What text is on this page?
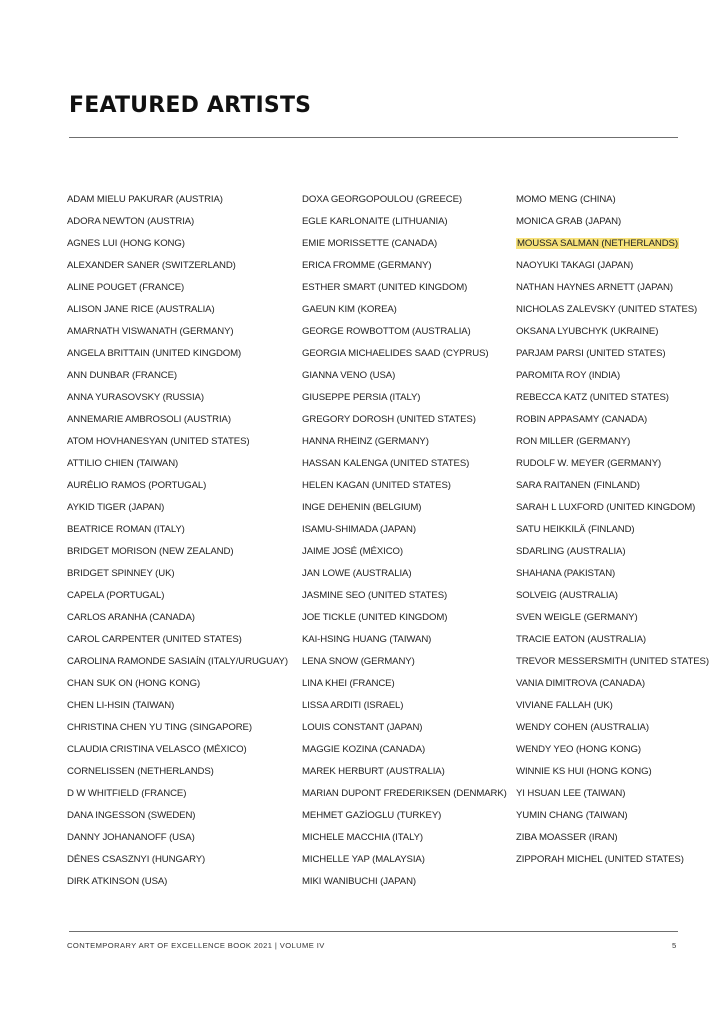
FEATURED ARTISTS
ADAM MIELU PAKURAR (AUSTRIA)
ADORA NEWTON (AUSTRIA)
AGNES LUI (HONG KONG)
ALEXANDER SANER (SWITZERLAND)
ALINE POUGET (FRANCE)
ALISON JANE RICE (AUSTRALIA)
AMARNATH VISWANATH (GERMANY)
ANGELA BRITTAIN (UNITED KINGDOM)
ANN DUNBAR (FRANCE)
ANNA YURASOVSKY (RUSSIA)
ANNEMARIE AMBROSOLI (AUSTRIA)
ATOM HOVHANESYAN (UNITED STATES)
ATTILIO CHIEN (TAIWAN)
AURÉLIO RAMOS (PORTUGAL)
AYKID TIGER (JAPAN)
BEATRICE ROMAN (ITALY)
BRIDGET MORISON (NEW ZEALAND)
BRIDGET SPINNEY (UK)
CAPELA (PORTUGAL)
CARLOS ARANHA (CANADA)
CAROL CARPENTER (UNITED STATES)
CAROLINA RAMONDE SASIAÍN (ITALY/URUGUAY)
CHAN SUK ON (HONG KONG)
CHEN LI-HSIN (TAIWAN)
CHRISTINA CHEN YU TING (SINGAPORE)
CLAUDIA CRISTINA VELASCO (MÉXICO)
CORNELISSEN (NETHERLANDS)
D W WHITFIELD (FRANCE)
DANA INGESSON (SWEDEN)
DANNY JOHANANOFF (USA)
DÉNES CSASZNYI (HUNGARY)
DIRK ATKINSON (USA)
DOXA GEORGOPOULOU (GREECE)
EGLE KARLONAITE (LITHUANIA)
EMIE MORISSETTE (CANADA)
ERICA FROMME (GERMANY)
ESTHER SMART (UNITED KINGDOM)
GAEUN KIM (KOREA)
GEORGE ROWBOTTOM (AUSTRALIA)
GEORGIA MICHAELIDES SAAD (CYPRUS)
GIANNA VENO (USA)
GIUSEPPE PERSIA (ITALY)
GREGORY DOROSH (UNITED STATES)
HANNA RHEINZ (GERMANY)
HASSAN KALENGA (UNITED STATES)
HELEN KAGAN (UNITED STATES)
INGE DEHENIN (BELGIUM)
ISAMU-SHIMADA (JAPAN)
JAIME JOSÉ (MÉXICO)
JAN LOWE (AUSTRALIA)
JASMINE SEO (UNITED STATES)
JOE TICKLE (UNITED KINGDOM)
KAI-HSING HUANG (TAIWAN)
LENA SNOW (GERMANY)
LINA KHEI (FRANCE)
LISSA ARDITI (ISRAEL)
LOUIS CONSTANT (JAPAN)
MAGGIE KOZINA (CANADA)
MAREK HERBURT (AUSTRALIA)
MARIAN DUPONT FREDERIKSEN (DENMARK)
MEHMET GAZİOGLU (TURKEY)
MICHELE MACCHIA (ITALY)
MICHELLE YAP (MALAYSIA)
MIKI WANIBUCHI (JAPAN)
MOMO MENG (CHINA)
MONICA GRAB (JAPAN)
MOUSSA SALMAN (NETHERLANDS)
NAOYUKI TAKAGI (JAPAN)
NATHAN HAYNES ARNETT (JAPAN)
NICHOLAS ZALEVSKY (UNITED STATES)
OKSANA LYUBCHYK (UKRAINE)
PARJAM PARSI (UNITED STATES)
PAROMITA ROY (INDIA)
REBECCA KATZ (UNITED STATES)
ROBIN APPASAMY (CANADA)
RON MILLER (GERMANY)
RUDOLF W. MEYER (GERMANY)
SARA RAITANEN (FINLAND)
SARAH L LUXFORD (UNITED KINGDOM)
SATU HEIKKILÄ (FINLAND)
SDARLING (AUSTRALIA)
SHAHANA (PAKISTAN)
SOLVEIG (AUSTRALIA)
SVEN WEIGLE (GERMANY)
TRACIE EATON (AUSTRALIA)
TREVOR MESSERSMITH (UNITED STATES)
VANIA DIMITROVA (CANADA)
VIVIANE FALLAH (UK)
WENDY COHEN (AUSTRALIA)
WENDY YEO (HONG KONG)
WINNIE KS HUI (HONG KONG)
YI HSUAN LEE (TAIWAN)
YUMIN CHANG (TAIWAN)
ZIBA MOASSER (IRAN)
ZIPPORAH MICHEL (UNITED STATES)
CONTEMPORARY ART OF EXCELLENCE BOOK 2021 | VOLUME IV	5
